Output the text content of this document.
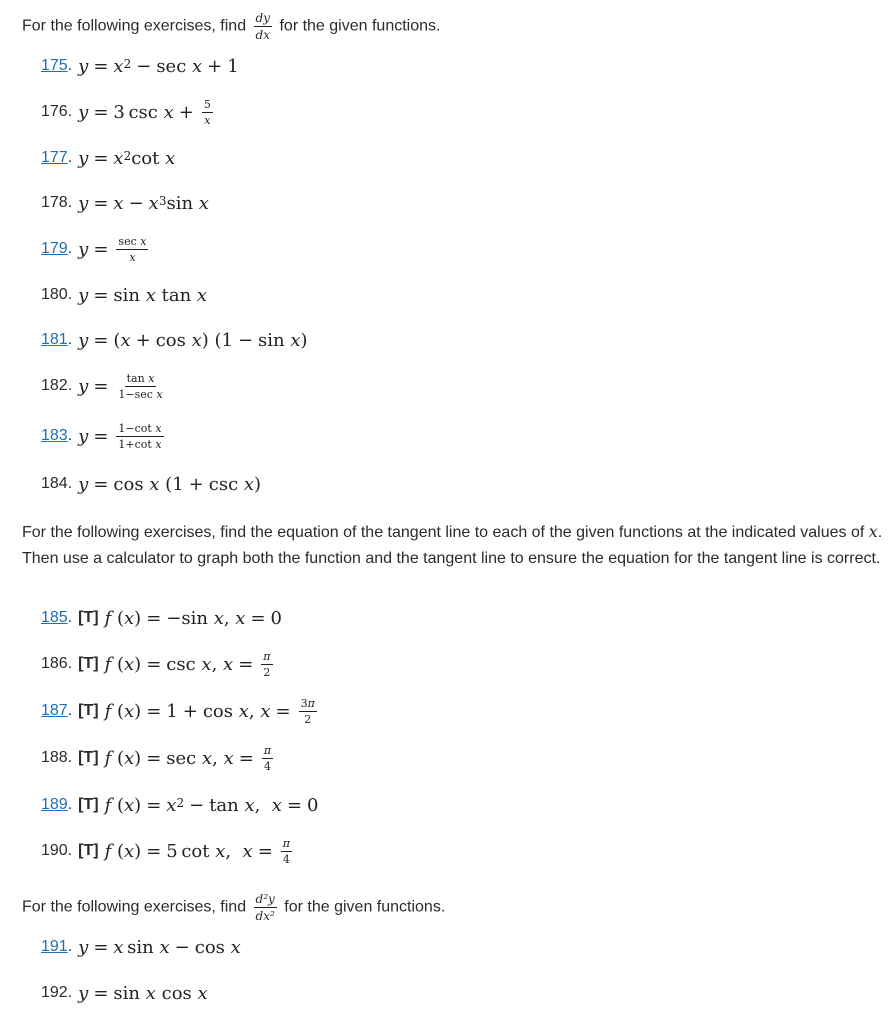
For the following exercises, find $\frac{dy}{dx}$ for the given functions.
175 . $y = x^2 - \sec x + 1$
176 . y = 3 $\csc x + \frac{5}{x}$
177 . $y = x^2$ cot x
178 . $y = x - x^3$ sin x
179 . $y = \frac{\text{sec x}}{x}$
180 . y = sin x tan x
181 . y = ( x + cos x ) (1 − sin x )
182 . $y = \frac{\text{tan x}}{\text{1−sec x}}$
183 . $y = \frac{\text{1−cot x}}{\text{1+cot x}}$
184 . y = cos x (1 + csc x )
For the following exercises, find the equation of the tangent line to each of the given functions at the indicated values of x. Then use a calculator to graph both the function and the tangent line to ensure the equation for the tangent line is correct.
185 . [T] f ( x ) = −sin x , x = 0
186 . [T] f ( x ) = csc x , $x = \frac{\pi}{2}$
187 . [T] f ( x ) = 1 + cos x , $x = \frac{3\pi}{2}$
188 . [T] f ( x ) = sec x , $x = \frac{\pi}{4}$
189 . [T] f ( x ) = $x^2 - \tan x$ , x = 0
190 . [T] f ( x ) = 5 cot x , $x = \frac{\pi}{4}$
For the following exercises, find $\frac{\text{d²y}}{\text{dx²}}$ for the given functions.
191 . y = x  sin x − cos x
192 . y = sin x cos x
